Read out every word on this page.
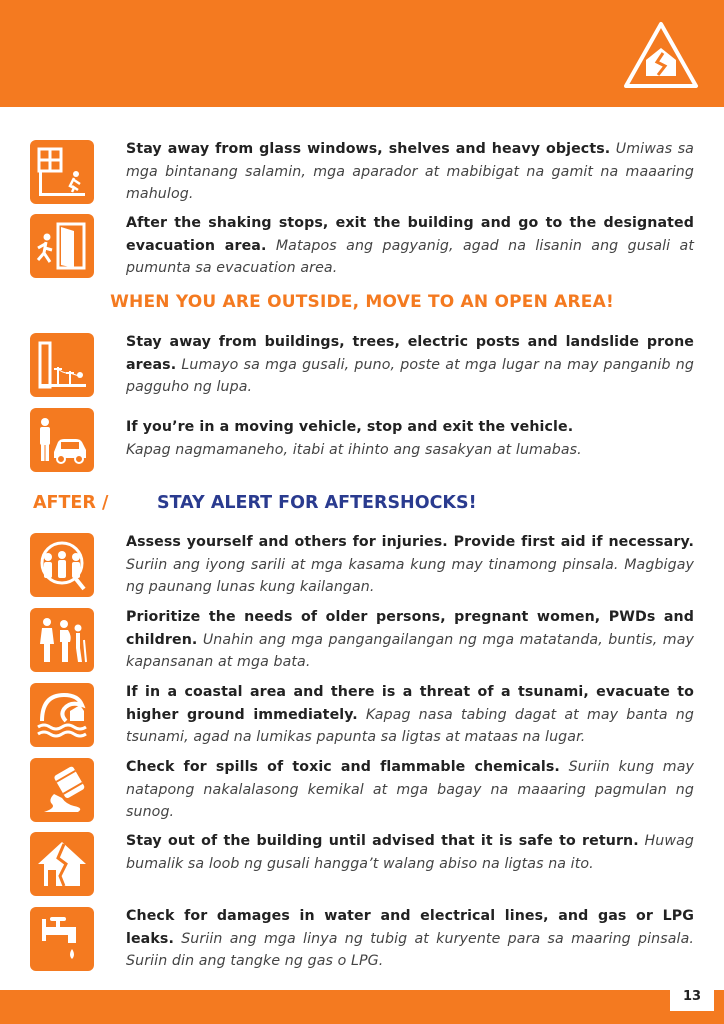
Stay away from glass windows, shelves and heavy objects. Umiwas sa mga bintanang salamin, mga aparador at mabibigat na gamit na maaaring mahulog.
After the shaking stops, exit the building and go to the designated evacuation area. Matapos ang pagyanig, agad na lisanin ang gusali at pumunta sa evacuation area.
WHEN YOU ARE OUTSIDE, MOVE TO AN OPEN AREA!
Stay away from buildings, trees, electric posts and landslide prone areas. Lumayo sa mga gusali, puno, poste at mga lugar na may panganib ng pagguho ng lupa.
If you’re in a moving vehicle, stop and exit the vehicle.
Kapag nagmamaneho, itabi at ihinto ang sasakyan at lumabas.
AFTER /	STAY ALERT FOR AFTERSHOCKS!
Assess yourself and others for injuries. Provide first aid if necessary. Suriin ang iyong sarili at mga kasama kung may tinamong pinsala. Magbigay ng paunang lunas kung kailangan.
Prioritize the needs of older persons, pregnant women, PWDs and children. Unahin ang mga pangangailangan ng mga matatanda, buntis, may kapansanan at mga bata.
If in a coastal area and there is a threat of a tsunami, evacuate to higher ground immediately. Kapag nasa tabing dagat at may banta ng tsunami, agad na lumikas papunta sa ligtas at mataas na lugar.
Check for spills of toxic and flammable chemicals. Suriin kung may natapong nakalalasong kemikal at mga bagay na maaaring pagmulan ng sunog.
Stay out of the building until advised that it is safe to return. Huwag bumalik sa loob ng gusali hangga’t walang abiso na ligtas na ito.
Check for damages in water and electrical lines, and gas or LPG leaks. Suriin ang mga linya ng tubig at kuryente para sa maaring pinsala. Suriin din ang tangke ng gas o LPG.
13
